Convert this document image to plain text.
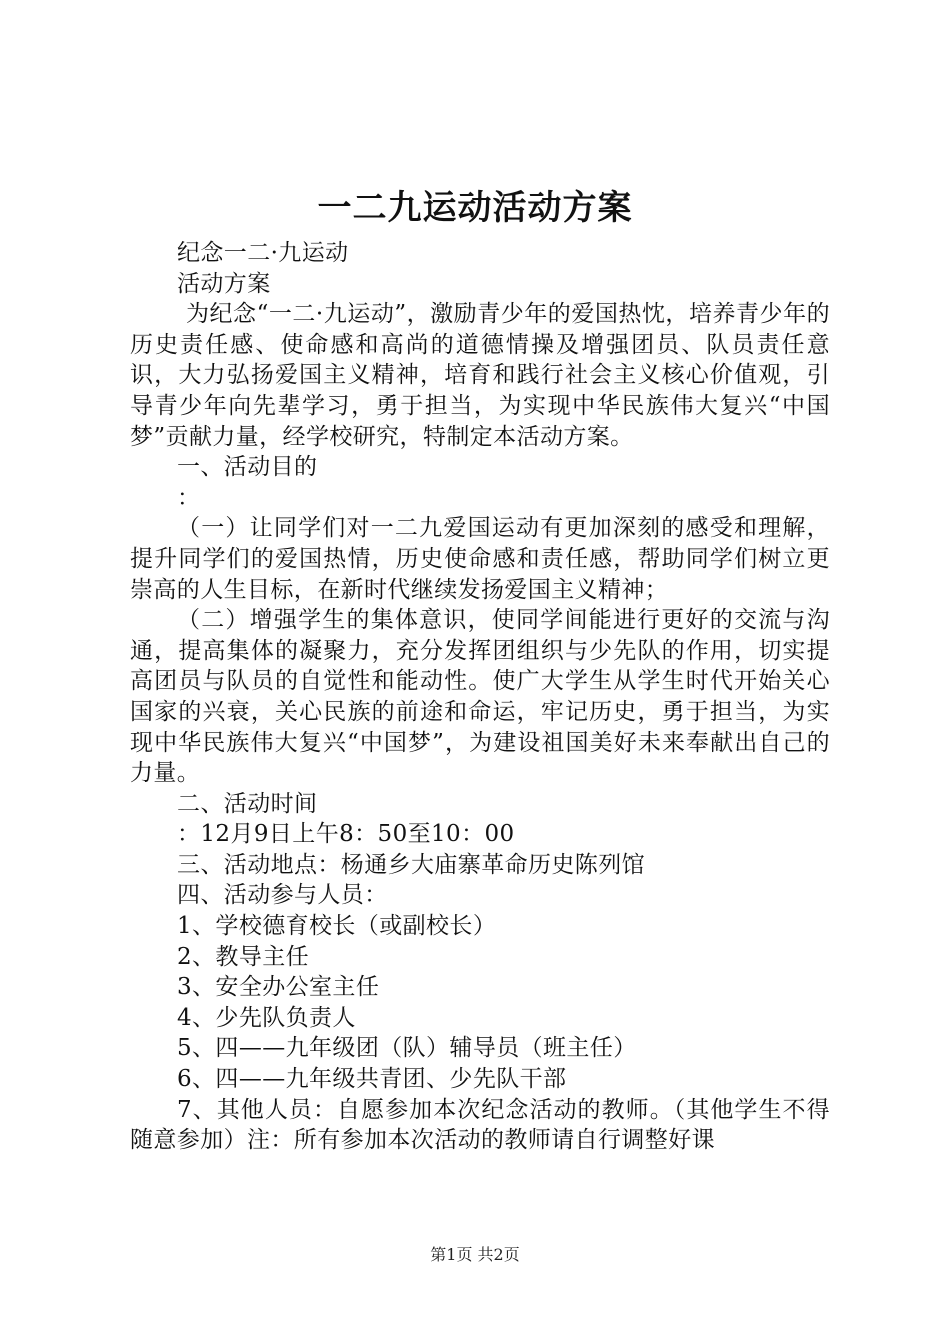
一二九运动活动方案

纪念一二·九运动

活动方案

为纪念“一二·九运动”，激励青少年的爱国热忱，培养青少年的历史责任感、使命感和高尚的道德情操及增强团员、队员责任意识，大力弘扬爱国主义精神，培育和践行社会主义核心价值观，引导青少年向先辈学习，勇于担当，为实现中华民族伟大复兴“中国梦”贡献力量，经学校研究，特制定本活动方案。

一、活动目的

：

（一）让同学们对一二九爱国运动有更加深刻的感受和理解，提升同学们的爱国热情，历史使命感和责任感，帮助同学们树立更崇高的人生目标，在新时代继续发扬爱国主义精神；

（二）增强学生的集体意识，使同学间能进行更好的交流与沟通，提高集体的凝聚力，充分发挥团组织与少先队的作用，切实提高团员与队员的自觉性和能动性。使广大学生从学生时代开始关心国家的兴衰，关心民族的前途和命运，牢记历史，勇于担当，为实现中华民族伟大复兴“中国梦”，为建设祖国美好未来奉献出自己的力量。

二、活动时间

：12月9日上午8：50至10：00

三、活动地点：杨通乡大庙寨革命历史陈列馆

四、活动参与人员：

1、学校德育校长（或副校长）

2、教导主任

3、安全办公室主任

4、少先队负责人

5、四——九年级团（队）辅导员（班主任）

6、四——九年级共青团、少先队干部

7、其他人员：自愿参加本次纪念活动的教师。（其他学生不得随意参加）注：所有参加本次活动的教师请自行调整好课

第1页 共2页
